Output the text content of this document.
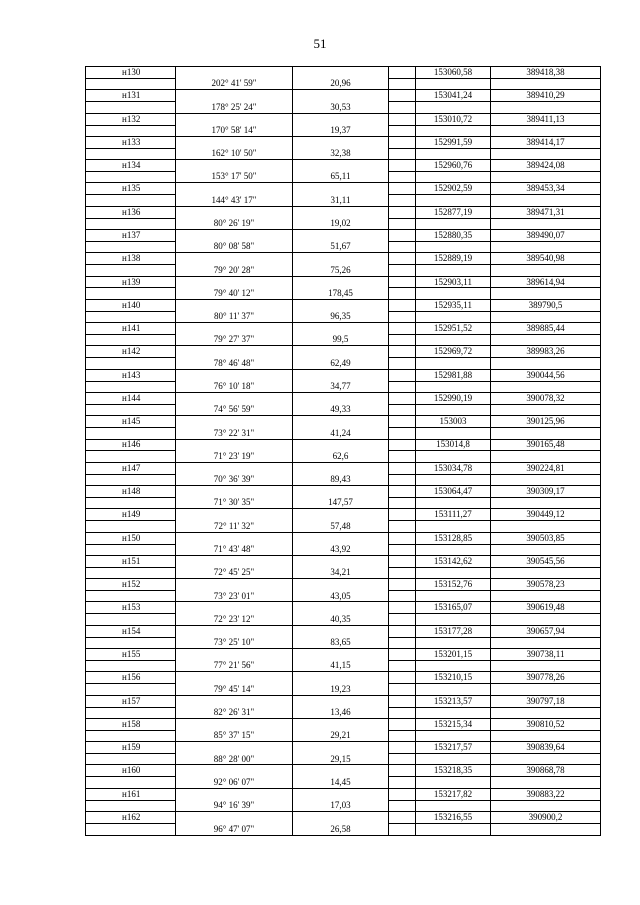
51
н130				153060,58	389418,38
	202° 41' 59"	20,96			
н131				153041,24	389410,29
	178° 25' 24"	30,53			
н132				153010,72	389411,13
	170° 58' 14"	19,37			
н133				152991,59	389414,17
	162° 10' 50"	32,38			
н134				152960,76	389424,08
	153° 17' 50"	65,11			
н135				152902,59	389453,34
	144° 43' 17"	31,11			
н136				152877,19	389471,31
	80° 26' 19"	19,02			
н137				152880,35	389490,07
	80° 08' 58"	51,67			
н138				152889,19	389540,98
	79° 20' 28"	75,26			
н139				152903,11	389614,94
	79° 40' 12"	178,45			
н140				152935,11	389790,5
	80° 11' 37"	96,35			
н141				152951,52	389885,44
	79° 27' 37"	99,5			
н142				152969,72	389983,26
	78° 46' 48"	62,49			
н143				152981,88	390044,56
	76° 10' 18"	34,77			
н144				152990,19	390078,32
	74° 56' 59"	49,33			
н145				153003	390125,96
	73° 22' 31"	41,24			
н146				153014,8	390165,48
	71° 23' 19"	62,6			
н147				153034,78	390224,81
	70° 36' 39"	89,43			
н148				153064,47	390309,17
	71° 30' 35"	147,57			
н149				153111,27	390449,12
	72° 11' 32"	57,48			
н150				153128,85	390503,85
	71° 43' 48"	43,92			
н151				153142,62	390545,56
	72° 45' 25"	34,21			
н152				153152,76	390578,23
	73° 23' 01"	43,05			
н153				153165,07	390619,48
	72° 23' 12"	40,35			
н154				153177,28	390657,94
	73° 25' 10"	83,65			
н155				153201,15	390738,11
	77° 21' 56"	41,15			
н156				153210,15	390778,26
	79° 45' 14"	19,23			
н157				153213,57	390797,18
	82° 26' 31"	13,46			
н158				153215,34	390810,52
	85° 37' 15"	29,21			
н159				153217,57	390839,64
	88° 28' 00"	29,15			
н160				153218,35	390868,78
	92° 06' 07"	14,45			
н161				153217,82	390883,22
	94° 16' 39"	17,03			
н162				153216,55	390900,2
	96° 47' 07"	26,58			
